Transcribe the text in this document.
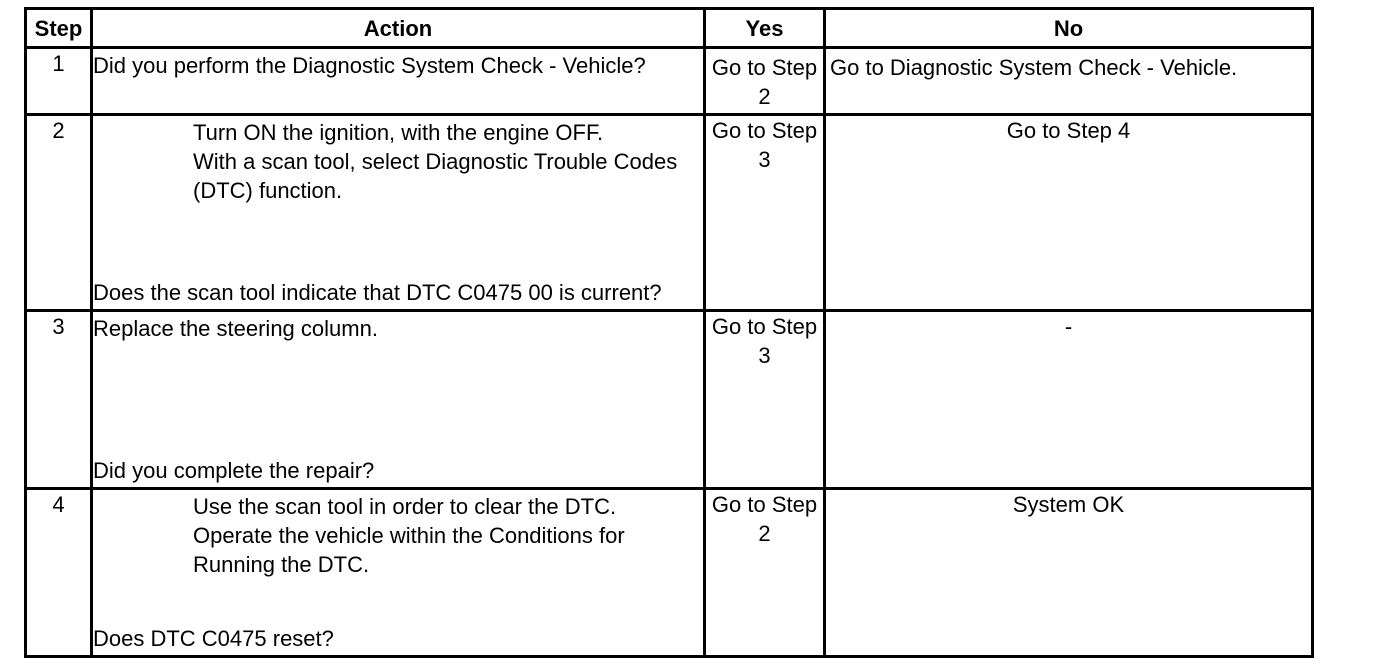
Step	Action	Yes	No
1	Did you perform the Diagnostic System Check - Vehicle?	Go to Step 2	Go to Diagnostic System Check - Vehicle.
2	Turn ON the ignition, with the engine OFF.
With a scan tool, select Diagnostic Trouble Codes (DTC) function.
Does the scan tool indicate that DTC C0475 00 is current?	Go to Step 3	Go to Step 4

3	Replace the steering column.
Did you complete the repair?	Go to Step 3	-

4	Use the scan tool in order to clear the DTC.
Operate the vehicle within the Conditions for Running the DTC.
Does DTC C0475 reset?	Go to Step 2	System OK
